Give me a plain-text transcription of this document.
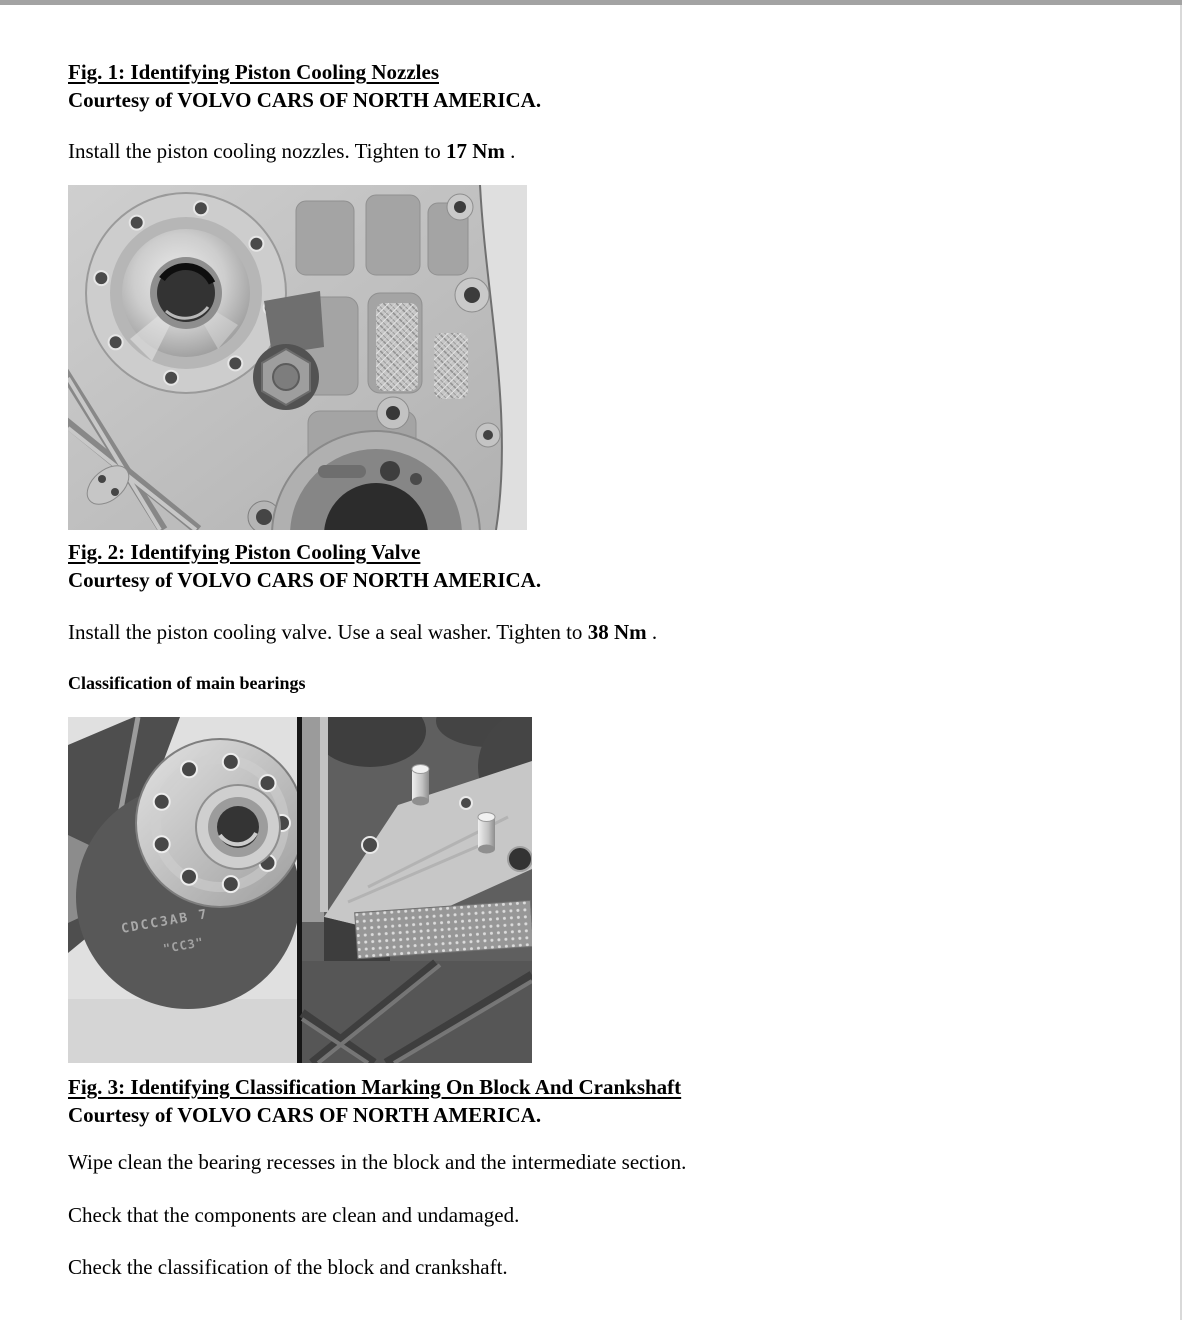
Fig. 1: Identifying Piston Cooling Nozzles
Courtesy of VOLVO CARS OF NORTH AMERICA.

Install the piston cooling nozzles. Tighten to 17 Nm .

Fig. 2: Identifying Piston Cooling Valve
Courtesy of VOLVO CARS OF NORTH AMERICA.

Install the piston cooling valve. Use a seal washer. Tighten to 38 Nm .

Classification of main bearings
CDCC3AB 7
"CC3"
Fig. 3: Identifying Classification Marking On Block And Crankshaft
Courtesy of VOLVO CARS OF NORTH AMERICA.

Wipe clean the bearing recesses in the block and the intermediate section.

Check that the components are clean and undamaged.

Check the classification of the block and crankshaft.
